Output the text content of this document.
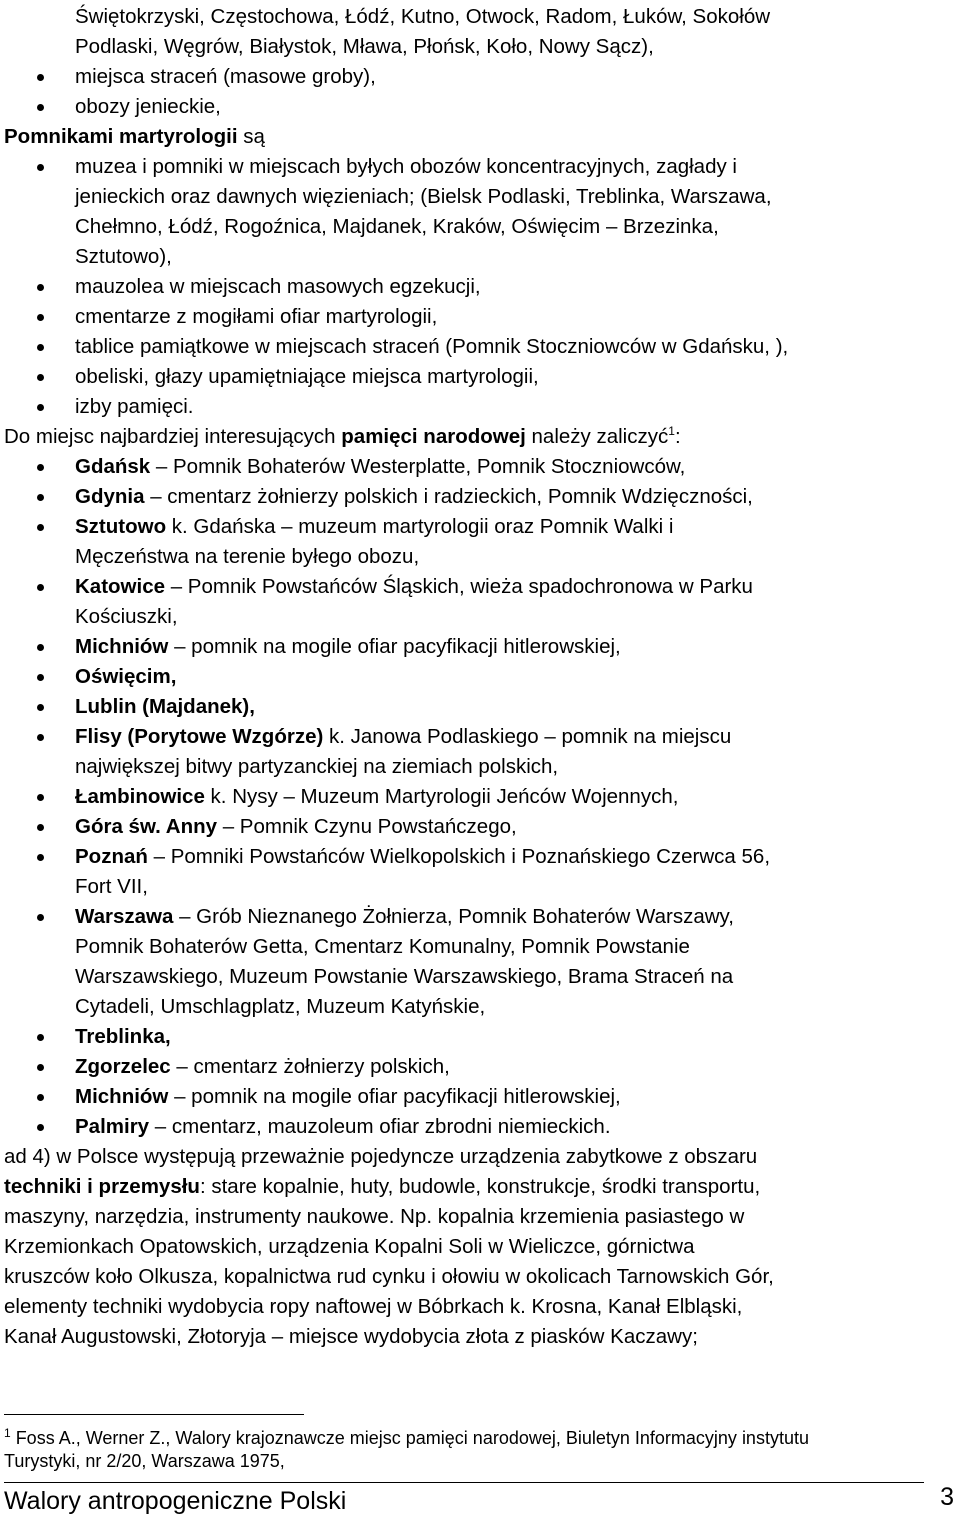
Świętokrzyski, Częstochowa, Łódź, Kutno, Otwock, Radom, Łuków, Sokołów
Podlaski, Węgrów, Białystok, Mława, Płońsk, Koło, Nowy Sącz),
miejsca straceń (masowe groby),
obozy jenieckie,
Pomnikami martyrologii są
muzea i pomniki w miejscach byłych obozów koncentracyjnych, zagłady i
jenieckich oraz dawnych więzieniach; (Bielsk Podlaski, Treblinka, Warszawa,
Chełmno, Łódź, Rogoźnica, Majdanek, Kraków, Oświęcim – Brzezinka,
Sztutowo),
mauzolea w miejscach masowych egzekucji,
cmentarze z mogiłami ofiar martyrologii,
tablice pamiątkowe w miejscach straceń (Pomnik Stoczniowców w Gdańsku, ),
obeliski, głazy upamiętniające miejsca martyrologii,
izby pamięci.
Do miejsc najbardziej interesujących pamięci narodowej należy zaliczyć$^1$:
Gdańsk – Pomnik Bohaterów Westerplatte, Pomnik Stoczniowców,
Gdynia – cmentarz żołnierzy polskich i radzieckich, Pomnik Wdzięczności,
Sztutowo k. Gdańska – muzeum martyrologii oraz Pomnik Walki i
Męczeństwa na terenie byłego obozu,
Katowice – Pomnik Powstańców Śląskich, wieża spadochronowa w Parku
Kościuszki,
Michniów – pomnik na mogile ofiar pacyfikacji hitlerowskiej,
Oświęcim,
Lublin (Majdanek),
Flisy (Porytowe Wzgórze) k. Janowa Podlaskiego – pomnik na miejscu
największej bitwy partyzanckiej na ziemiach polskich,
Łambinowice k. Nysy – Muzeum Martyrologii Jeńców Wojennych,
Góra św. Anny – Pomnik Czynu Powstańczego,
Poznań – Pomniki Powstańców Wielkopolskich i Poznańskiego Czerwca 56,
Fort VII,
Warszawa – Grób Nieznanego Żołnierza, Pomnik Bohaterów Warszawy,
Pomnik Bohaterów Getta, Cmentarz Komunalny, Pomnik Powstanie
Warszawskiego, Muzeum Powstanie Warszawskiego, Brama Straceń na
Cytadeli, Umschlagplatz, Muzeum Katyńskie,
Treblinka,
Zgorzelec – cmentarz żołnierzy polskich,
Michniów – pomnik na mogile ofiar pacyfikacji hitlerowskiej,
Palmiry – cmentarz, mauzoleum ofiar zbrodni niemieckich.
ad 4) w Polsce występują przeważnie pojedyncze urządzenia zabytkowe z obszaru
techniki i przemysłu: stare kopalnie, huty, budowle, konstrukcje, środki transportu,
maszyny, narzędzia, instrumenty naukowe. Np. kopalnia krzemienia pasiastego w
Krzemionkach Opatowskich, urządzenia Kopalni Soli w Wieliczce, górnictwa
kruszców koło Olkusza, kopalnictwa rud cynku i ołowiu w okolicach Tarnowskich Gór,
elementy techniki wydobycia ropy naftowej w Bóbrkach k. Krosna, Kanał Elbląski,
Kanał Augustowski, Złotoryja – miejsce wydobycia złota z piasków Kaczawy;
$^1$ Foss A., Werner Z., Walory krajoznawcze miejsc pamięci narodowej, Biuletyn Informacyjny instytutu
Turystyki, nr 2/20, Warszawa 1975,
Walory antropogeniczne Polski	3
